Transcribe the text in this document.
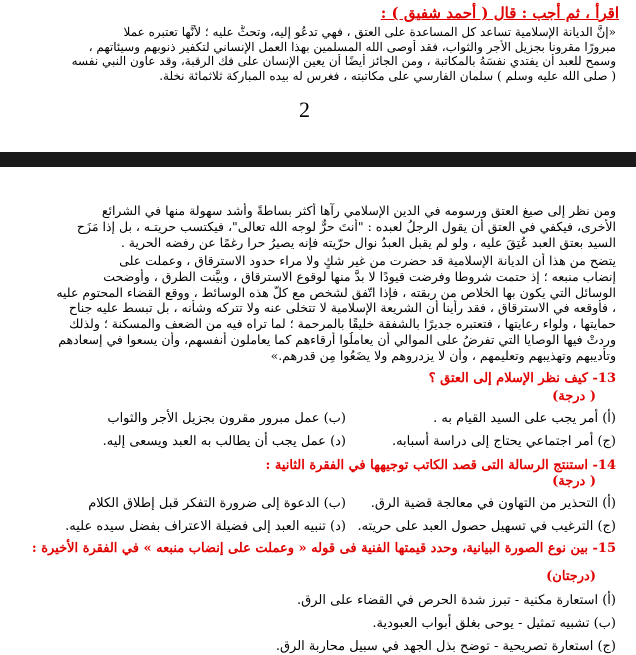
اقرأ ، ثم أجب : قال ( أحمد شفيق ) :
«إنَّ الديانة الإسلامية تساعد كل المساعدة على العتق ، فهي تدعُو إليه، وتحثُّ عليه ؛ لأنَّها تعتبره عملا
مبرورًا مقرونا بجزيل الأجرِ والثواب، فقد أوصى الله المسلمين بهذا العمل الإنساني لتكفير ذنوبهم وسيئاتهم ،
وسمح للعبد أن يفتدي نفسَهُ بالمكاتبة ، ومن الجائز أيضًا أن يعين الإنسان على فك الرقبة، وقد عاون النبي نفسه
( صلى الله عليه وسلم ) سلمان الفارسي على مكاتبته ، فغرس له بيده المباركة ثلاثمائة نخلة.
2
ومن نظر إلى صيغ العتق ورسومه في الدين الإسلامي رآها أكثر بساطةً وأشد سهولة منها في الشرائع
الأخرى، فيكفي في العتق أن يقول الرجلُ لعبده : "أنتَ حرٌّ لوجه الله تعالى"، فيكتسب حريتـه ، بل إذا مَزَح
السيد بعتق العبد عُتِقَ عليه ، ولو لم يقبل العبدُ نوال حرّيته فإنه يصيرُ حرا رغمًا عن رفضه الحرية .
يتضح من هذا أن الديانة الإسلامية قد حضرت من غير شكٍ ولا مراء حدود الاسترقاق ، وعملت على
إنضاب منبعه ؛ إذ حتمت شروطا وفرضت قيودًا لا بدَّ منها لوقوع الاسترقاق ، وبيَّنت الطرق ، وأوضحت
الوسائل التي يكون بها الخلاص من ربقته ، فإذا اتّفق لشخص مع كلّ هذه الوسائط ، ووقع القضاء المحتوم عليه
، فأوقعه في الاسترقاق ، فقد رأينا أن الشريعة الإسلامية لا تتخلى عنه ولا تتركه وشأنه ، بل تبسط عليه جناح
حمايتها ، ولواء رعايتها ، فتعتبره جديرًا بالشفقة خليقًا بالمرحمة ؛ لما تراه فيه من الضعف والمسكنة ؛ ولذلك
وردتْ فيها الوصايا التي تفرضُ على الموالي أن يعاملُوا أرقاءهم كما يعاملون أنفسهم، وأن يسعوا في إسعادهم
وتأديبهم وتهذيبهم وتعليمهم ، وأن لا يزدروهم ولا يضَعُوا مِن قدرهم.»
13- كيف نظر الإسلام إلى العتق ؟
( درجة)
(أ) أمر يجب على السيد القيام به .
(ب) عمل مبرور مقرون بجزيل الأجر والثواب
(ج) أمر اجتماعي يحتاج إلى دراسة أسبابه.
(د) عمل يجب أن يطالب به العبد ويسعى إليه.
14- استنتج الرسالة التى قصد الكاتب توجيهها في الفقرة الثانية :
( درجة)
(أ) التحذير من التهاون في معالجة قضية الرق.
(ب) الدعوة إلى ضرورة التفكر قبل إطلاق الكلام
(ج) الترغيب في تسهيل حصول العبد على حريته.
(د) تنبيه العبد إلى فضيلة الاعتراف بفضل سيده عليه.
15- بين نوع الصورة البيانية، وحدد قيمتها الفنية فى قوله « وعملت على إنضاب منبعه » في الفقرة الأخيرة :
(درجتان)
(أ) استعارة مكنية - تبرز شدة الحرص في القضاء على الرق.
(ب) تشبيه تمثيل - يوحى بغلق أبواب العبودية.
(ج) استعارة تصريحية - توضح بذل الجهد في سبيل محاربة الرق.
